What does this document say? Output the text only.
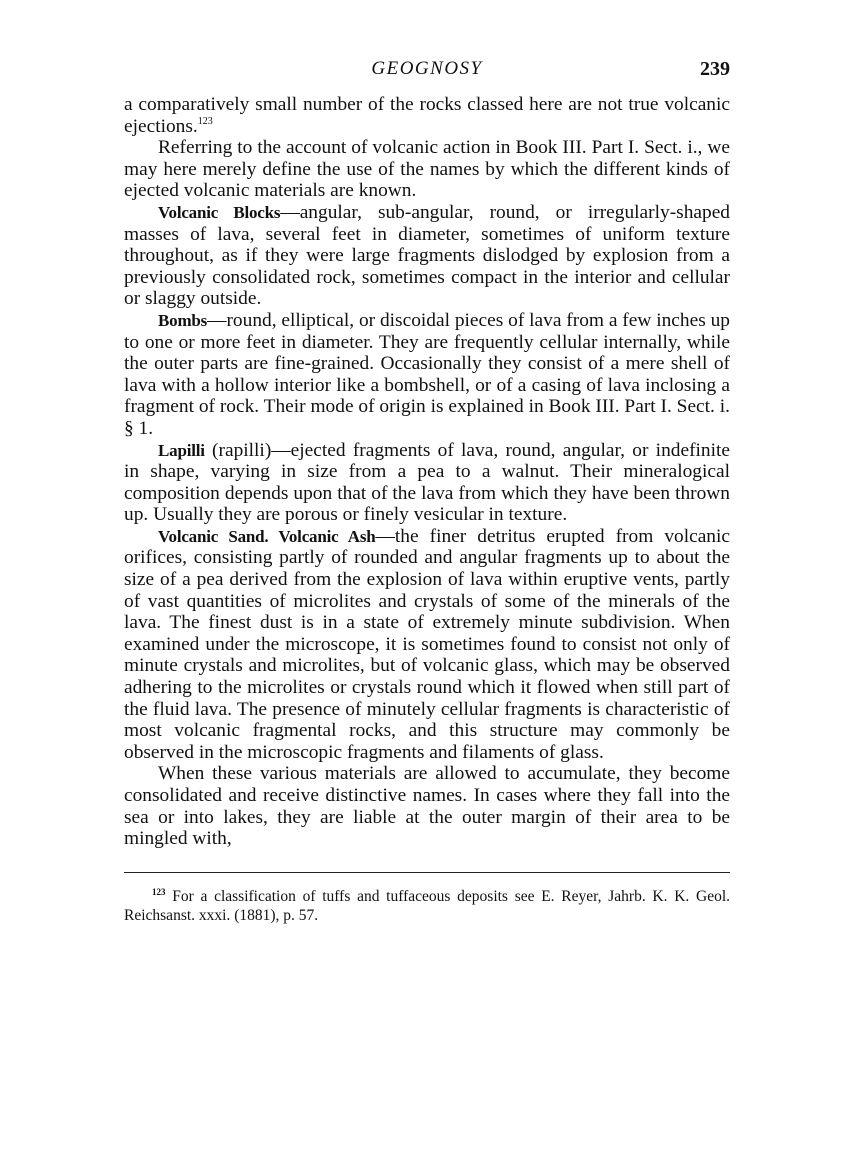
GEOGNOSY	239

a comparatively small number of the rocks classed here are not true volcanic ejections.$^{123}$

Referring to the account of volcanic action in Book III. Part I. Sect. i., we may here merely define the use of the names by which the different kinds of ejected volcanic materials are known.

Volcanic Blocks—angular, sub-angular, round, or irregularly-shaped masses of lava, several feet in diameter, sometimes of uniform texture throughout, as if they were large fragments dislodged by explosion from a previously consolidated rock, sometimes compact in the interior and cellular or slaggy outside.

Bombs—round, elliptical, or discoidal pieces of lava from a few inches up to one or more feet in diameter. They are frequently cellular internally, while the outer parts are fine-grained. Occasionally they consist of a mere shell of lava with a hollow interior like a bombshell, or of a casing of lava inclosing a fragment of rock. Their mode of origin is explained in Book III. Part I. Sect. i. § 1.

Lapilli (rapilli)—ejected fragments of lava, round, angular, or indefinite in shape, varying in size from a pea to a walnut. Their mineralogical composition depends upon that of the lava from which they have been thrown up. Usually they are porous or finely vesicular in texture.

Volcanic Sand. Volcanic Ash—the finer detritus erupted from volcanic orifices, consisting partly of rounded and angular fragments up to about the size of a pea derived from the explosion of lava within eruptive vents, partly of vast quantities of microlites and crystals of some of the minerals of the lava. The finest dust is in a state of extremely minute subdivision. When examined under the microscope, it is sometimes found to consist not only of minute crystals and microlites, but of volcanic glass, which may be observed adhering to the microlites or crystals round which it flowed when still part of the fluid lava. The presence of minutely cellular fragments is characteristic of most volcanic fragmental rocks, and this structure may commonly be observed in the microscopic fragments and filaments of glass.

When these various materials are allowed to accumulate, they become consolidated and receive distinctive names. In cases where they fall into the sea or into lakes, they are liable at the outer margin of their area to be mingled with,

$^{123}$ For a classification of tuffs and tuffaceous deposits see E. Reyer, Jahrb. K. K. Geol. Reichsanst. xxxi. (1881), p. 57.
